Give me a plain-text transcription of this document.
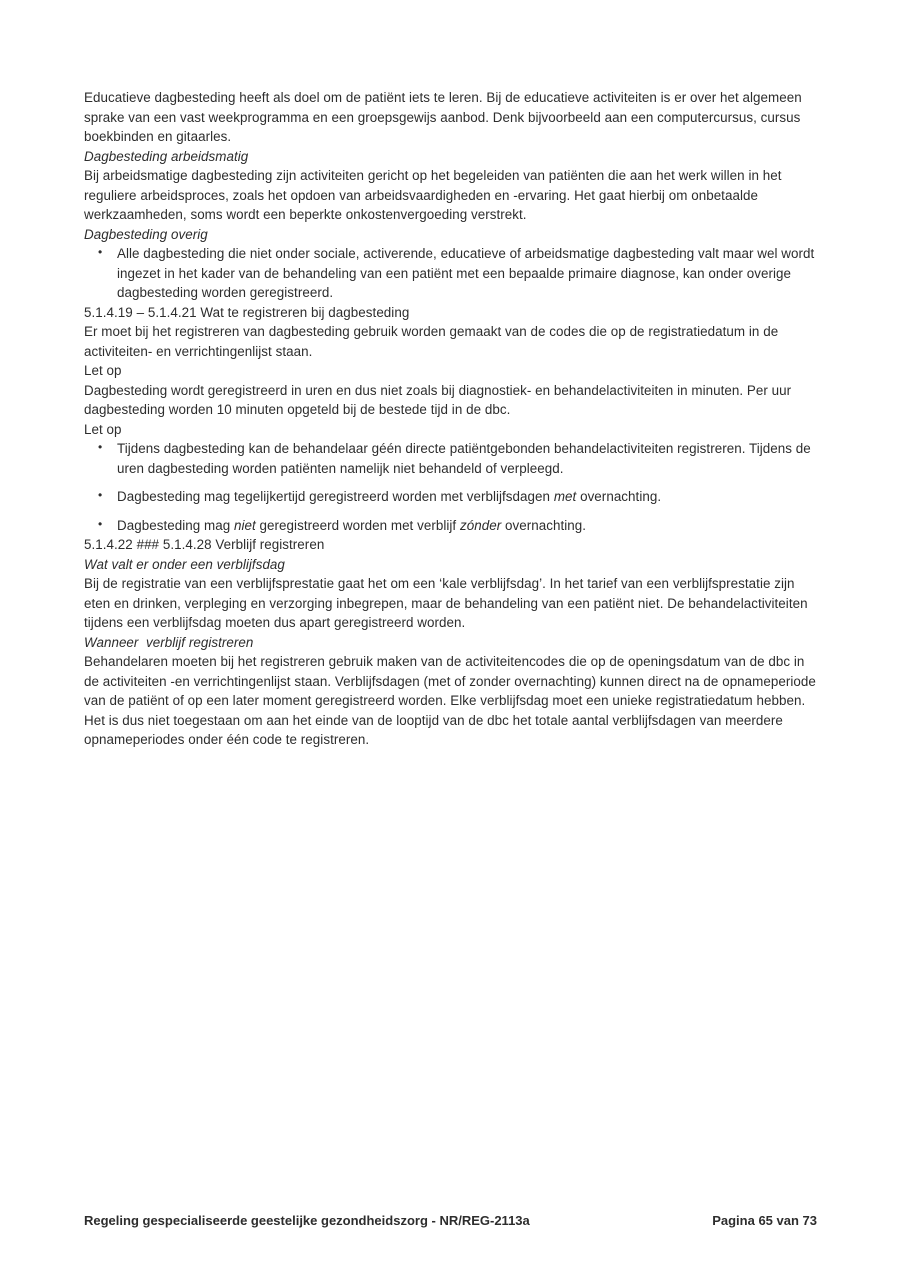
Educatieve dagbesteding heeft als doel om de patiënt iets te leren. Bij de educatieve activiteiten is er over het algemeen sprake van een vast weekprogramma en een groepsgewijs aanbod. Denk bijvoorbeeld aan een computercursus, cursus boekbinden en gitaarles.

Dagbesteding arbeidsmatig

Bij arbeidsmatige dagbesteding zijn activiteiten gericht op het begeleiden van patiënten die aan het werk willen in het reguliere arbeidsproces, zoals het opdoen van arbeidsvaardigheden en -ervaring. Het gaat hierbij om onbetaalde werkzaamheden, soms wordt een beperkte onkostenvergoeding verstrekt.

Dagbesteding overig

• Alle dagbesteding die niet onder sociale, activerende, educatieve of arbeidsmatige dagbesteding valt maar wel wordt ingezet in het kader van de behandeling van een patiënt met een bepaalde primaire diagnose, kan onder overige dagbesteding worden geregistreerd.

5.1.4.19 – 5.1.4.21 Wat te registreren bij dagbesteding

Er moet bij het registreren van dagbesteding gebruik worden gemaakt van de codes die op de registratiedatum in de activiteiten- en verrichtingenlijst staan.

Let op

Dagbesteding wordt geregistreerd in uren en dus niet zoals bij diagnostiek- en behandelactiviteiten in minuten. Per uur dagbesteding worden 10 minuten opgeteld bij de bestede tijd in de dbc.

Let op

• Tijdens dagbesteding kan de behandelaar géén directe patiëntgebonden behandelactiviteiten registreren. Tijdens de uren dagbesteding worden patiënten namelijk niet behandeld of verpleegd.
• Dagbesteding mag tegelijkertijd geregistreerd worden met verblijfsdagen met overnachting.
• Dagbesteding mag niet geregistreerd worden met verblijf zónder overnachting.

5.1.4.22 ### 5.1.4.28 Verblijf registreren

Wat valt er onder een verblijfsdag

Bij de registratie van een verblijfsprestatie gaat het om een ‘kale verblijfsdag’. In het tarief van een verblijfsprestatie zijn eten en drinken, verpleging en verzorging inbegrepen, maar de behandeling van een patiënt niet. De behandelactiviteiten tijdens een verblijfsdag moeten dus apart geregistreerd worden.

Wanneer  verblijf registreren

Behandelaren moeten bij het registreren gebruik maken van de activiteitencodes die op de openingsdatum van de dbc in de activiteiten -en verrichtingenlijst staan. Verblijfsdagen (met of zonder overnachting) kunnen direct na de opnameperiode van de patiënt of op een later moment geregistreerd worden. Elke verblijfsdag moet een unieke registratiedatum hebben. Het is dus niet toegestaan om aan het einde van de looptijd van de dbc het totale aantal verblijfsdagen van meerdere opnameperiodes onder één code te registreren.

Regeling gespecialiseerde geestelijke gezondheidszorg - NR/REG-2113a	Pagina 65 van 73
